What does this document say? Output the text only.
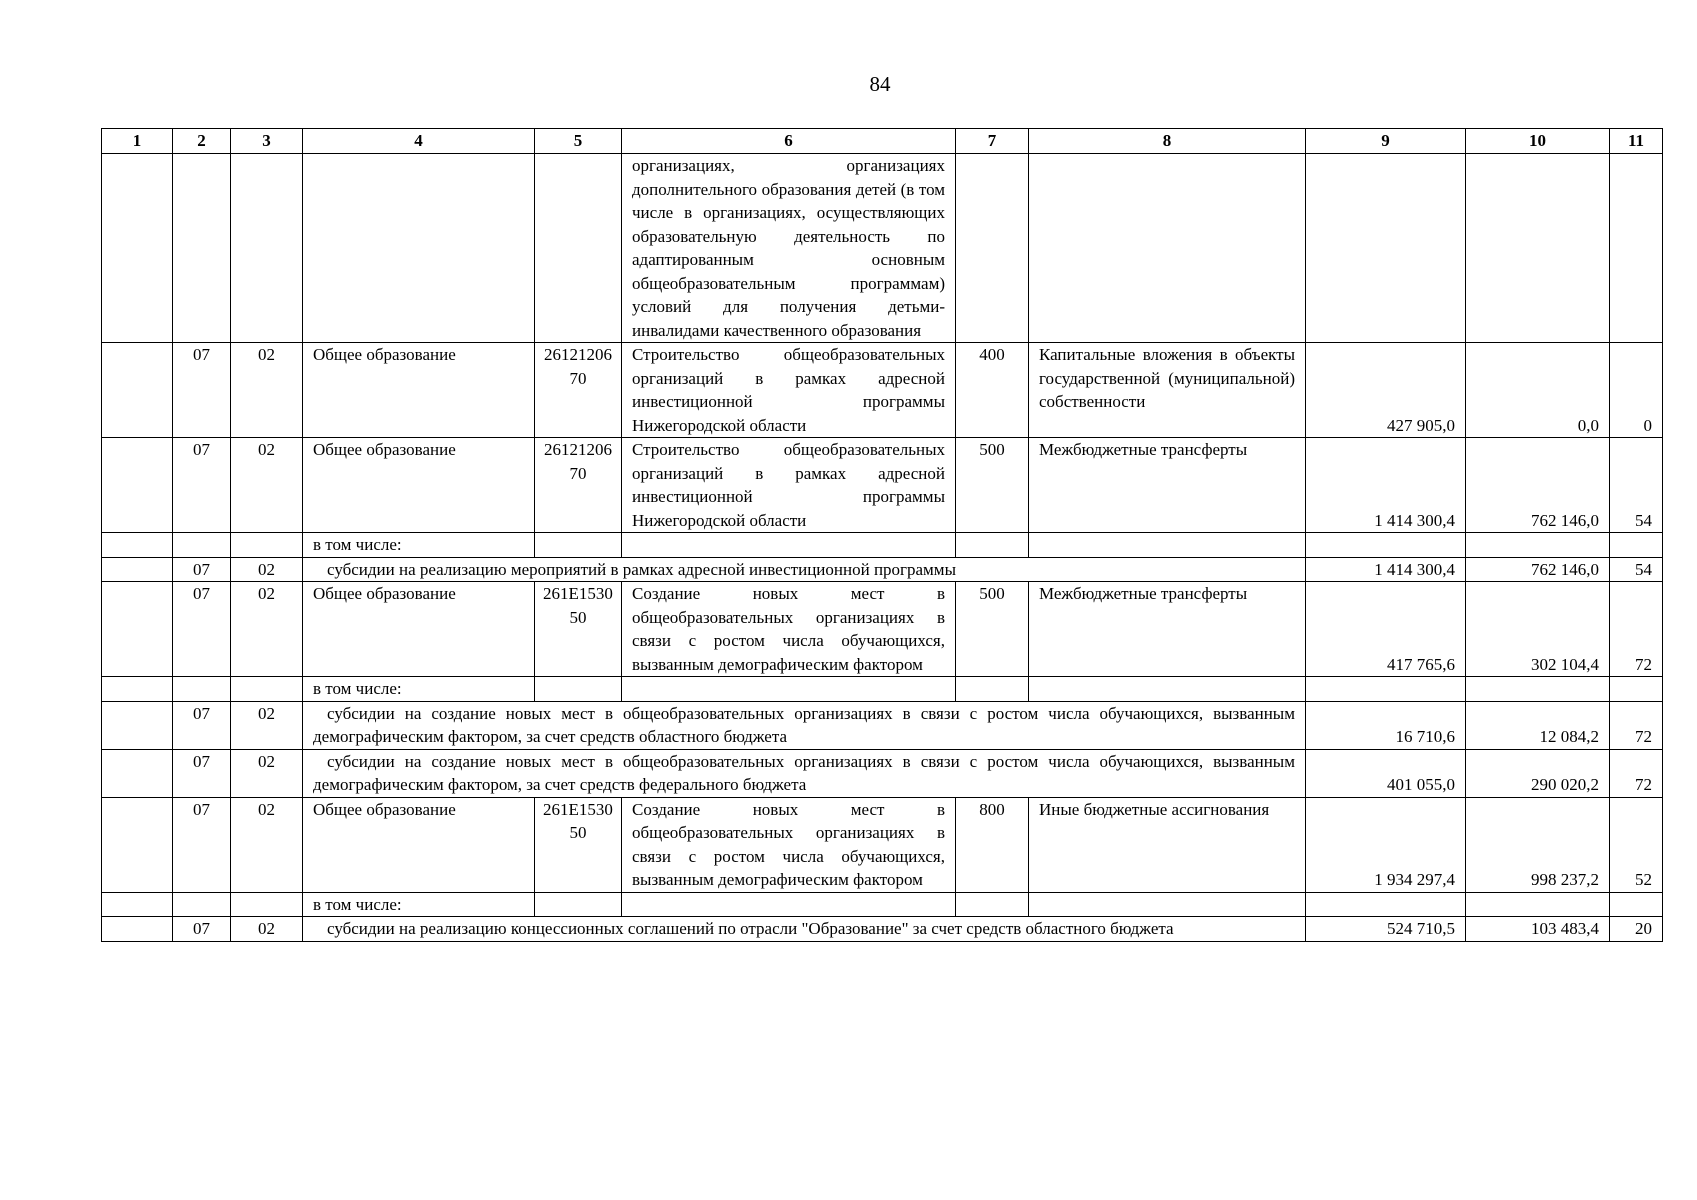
84
1	2	3	4	5	6	7	8	9	10	11
					организациях, организациях дополнительного образования детей (в том числе в организациях, осуществляющих образовательную деятельность по адаптированным основным общеобразовательным программам) условий для получения детьми-инвалидами качественного образования					
	07	02	Общее образование	2612120670	Строительство общеобразовательных организаций в рамках адресной инвестиционной программы Нижегородской области	400	Капитальные вложения в объекты государственной (муниципальной) собственности	427 905,0	0,0	0
	07	02	Общее образование	2612120670	Строительство общеобразовательных организаций в рамках адресной инвестиционной программы Нижегородской области	500	Межбюджетные трансферты	1 414 300,4	762 146,0	54
			в том числе:							
	07	02	субсидии на реализацию мероприятий в рамках адресной инвестиционной программы					1 414 300,4	762 146,0	54
	07	02	Общее образование	261E153050	Создание новых мест в общеобразовательных организациях в связи с ростом числа обучающихся, вызванным демографическим фактором	500	Межбюджетные трансферты	417 765,6	302 104,4	72
			в том числе:							
	07	02	субсидии на создание новых мест в общеобразовательных организациях в связи с ростом числа обучающихся, вызванным демографическим фактором, за счет средств областного бюджета					16 710,6	12 084,2	72
	07	02	субсидии на создание новых мест в общеобразовательных организациях в связи с ростом числа обучающихся, вызванным демографическим фактором, за счет средств федерального бюджета					401 055,0	290 020,2	72
	07	02	Общее образование	261E153050	Создание новых мест в общеобразовательных организациях в связи с ростом числа обучающихся, вызванным демографическим фактором	800	Иные бюджетные ассигнования	1 934 297,4	998 237,2	52
			в том числе:							
	07	02	субсидии на реализацию концессионных соглашений по отрасли "Образование" за счет средств областного бюджета					524 710,5	103 483,4	20
